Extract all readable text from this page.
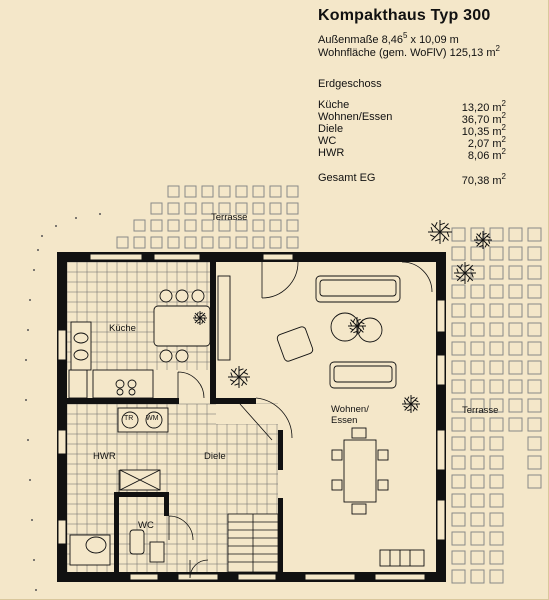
Kompakthaus Typ 300
Außenmaße 8,46$^5$ x 10,09 m
Wohnfläche (gem. WoFlV) 125,13 $m^2$
Erdgeschoss
Küche	13,20 $m^2$
Wohnen/Essen	36,70 $m^2$
Diele	10,35 $m^2$
WC	2,07 $m^2$
HWR	8,06 $m^2$
Gesamt EG	70,38 $m^2$
Terrasse
Terrasse
Küche
Wohnen/
Essen
HWR	Diele
WC
TR WM
